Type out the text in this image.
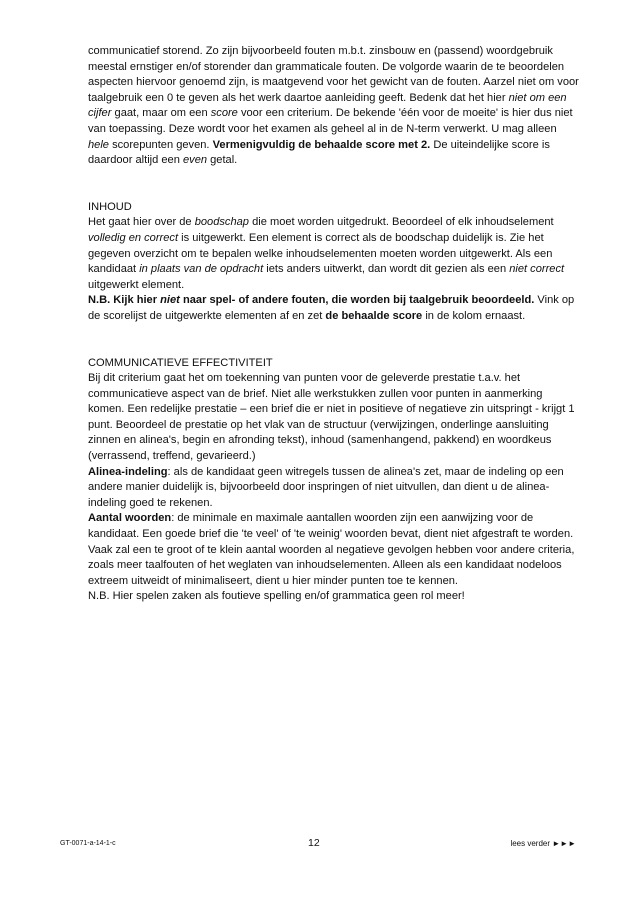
communicatief storend. Zo zijn bijvoorbeeld fouten m.b.t. zinsbouw en (passend) woordgebruik meestal ernstiger en/of storender dan grammaticale fouten. De volgorde waarin de te beoordelen aspecten hiervoor genoemd zijn, is maatgevend voor het gewicht van de fouten. Aarzel niet om voor taalgebruik een 0 te geven als het werk daartoe aanleiding geeft. Bedenk dat het hier niet om een cijfer gaat, maar om een score voor een criterium. De bekende 'één voor de moeite' is hier dus niet van toepassing. Deze wordt voor het examen als geheel al in de N-term verwerkt. U mag alleen hele scorepunten geven. Vermenigvuldig de behaalde score met 2. De uiteindelijke score is daardoor altijd een even getal.

INHOUD

Het gaat hier over de boodschap die moet worden uitgedrukt. Beoordeel of elk inhoudselement volledig en correct is uitgewerkt. Een element is correct als de boodschap duidelijk is. Zie het gegeven overzicht om te bepalen welke inhoudselementen moeten worden uitgewerkt. Als een kandidaat in plaats van de opdracht iets anders uitwerkt, dan wordt dit gezien als een niet correct uitgewerkt element.

N.B. Kijk hier niet naar spel- of andere fouten, die worden bij taalgebruik beoordeeld. Vink op de scorelijst de uitgewerkte elementen af en zet de behaalde score in de kolom ernaast.

COMMUNICATIEVE EFFECTIVITEIT

Bij dit criterium gaat het om toekenning van punten voor de geleverde prestatie t.a.v. het communicatieve aspect van de brief. Niet alle werkstukken zullen voor punten in aanmerking komen. Een redelijke prestatie – een brief die er niet in positieve of negatieve zin uitspringt - krijgt 1 punt. Beoordeel de prestatie op het vlak van de structuur (verwijzingen, onderlinge aansluiting zinnen en alinea's, begin en afronding tekst), inhoud (samenhangend, pakkend) en woordkeus (verrassend, treffend, gevarieerd.)

Alinea-indeling: als de kandidaat geen witregels tussen de alinea's zet, maar de indeling op een andere manier duidelijk is, bijvoorbeeld door inspringen of niet uitvullen, dan dient u de alinea-indeling goed te rekenen.

Aantal woorden: de minimale en maximale aantallen woorden zijn een aanwijzing voor de kandidaat. Een goede brief die 'te veel' of 'te weinig' woorden bevat, dient niet afgestraft te worden. Vaak zal een te groot of te klein aantal woorden al negatieve gevolgen hebben voor andere criteria, zoals meer taalfouten of het weglaten van inhoudselementen. Alleen als een kandidaat nodeloos extreem uitweidt of minimaliseert, dient u hier minder punten toe te kennen.

N.B. Hier spelen zaken als foutieve spelling en/of grammatica geen rol meer!

GT-0071-a-14-1-c	12	lees verder ►►►
